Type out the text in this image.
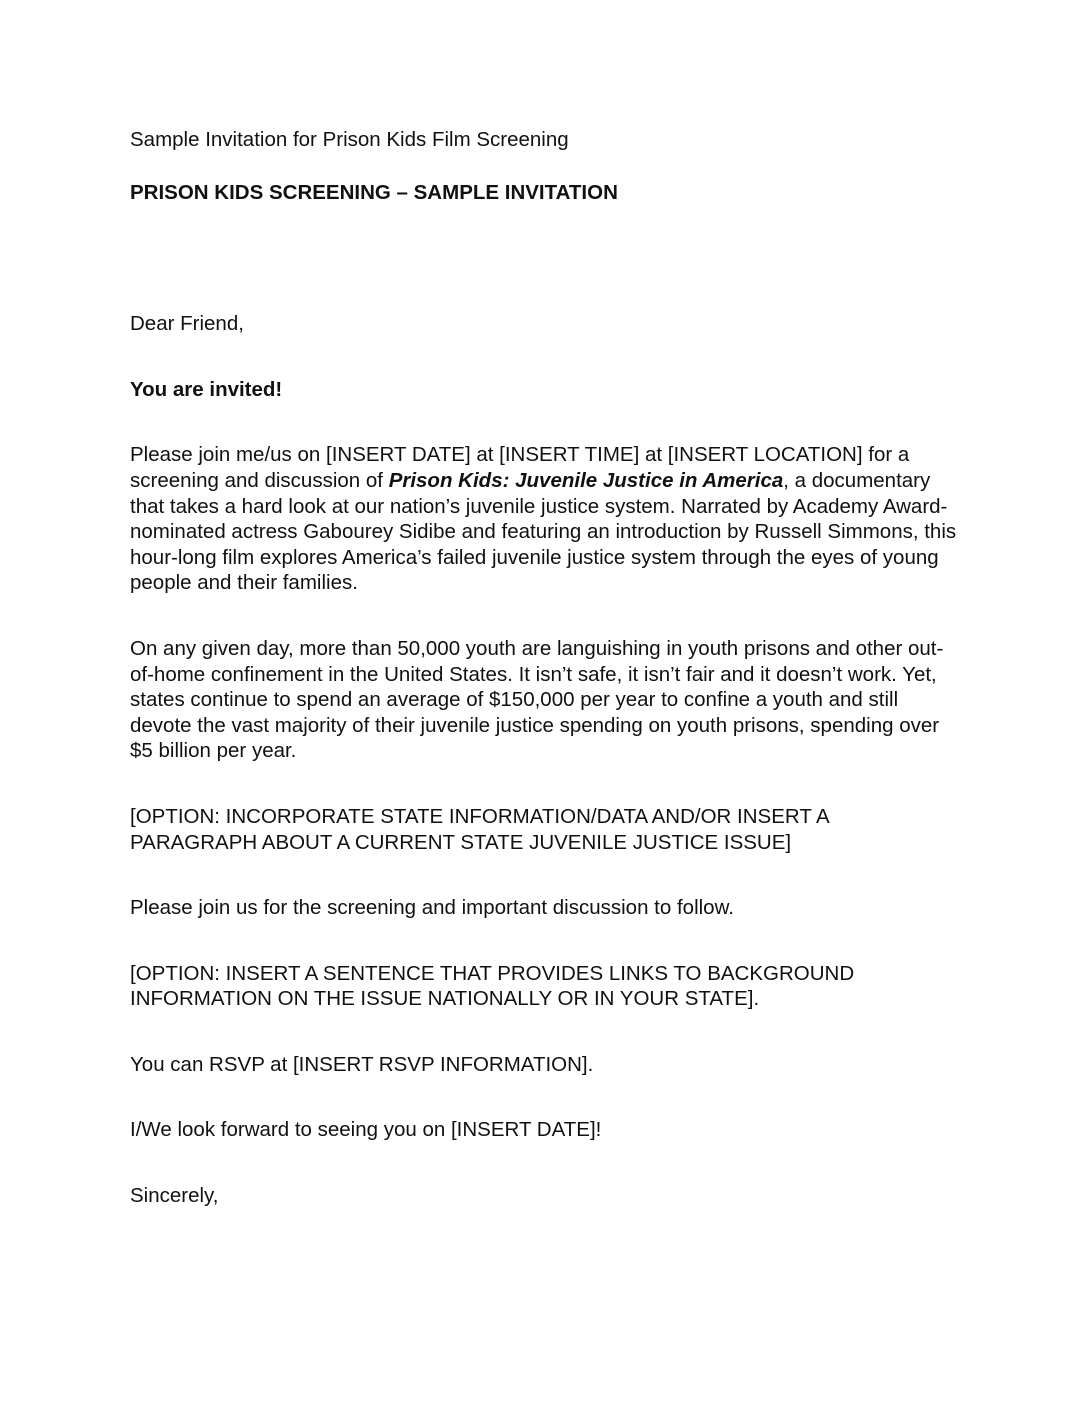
Sample Invitation for Prison Kids Film Screening

PRISON KIDS SCREENING – SAMPLE INVITATION

Dear Friend,

You are invited!

Please join me/us on [INSERT DATE] at [INSERT TIME] at [INSERT LOCATION] for a screening and discussion of Prison Kids: Juvenile Justice in America, a documentary that takes a hard look at our nation’s juvenile justice system. Narrated by Academy Award-nominated actress Gabourey Sidibe and featuring an introduction by Russell Simmons, this hour-long film explores America’s failed juvenile justice system through the eyes of young people and their families.

On any given day, more than 50,000 youth are languishing in youth prisons and other out-of-home confinement in the United States. It isn’t safe, it isn’t fair and it doesn’t work. Yet, states continue to spend an average of $150,000 per year to confine a youth and still devote the vast majority of their juvenile justice spending on youth prisons, spending over $5 billion per year.

[OPTION: INCORPORATE STATE INFORMATION/DATA AND/OR INSERT A PARAGRAPH ABOUT A CURRENT STATE JUVENILE JUSTICE ISSUE]

Please join us for the screening and important discussion to follow.

[OPTION: INSERT A SENTENCE THAT PROVIDES LINKS TO BACKGROUND INFORMATION ON THE ISSUE NATIONALLY OR IN YOUR STATE].

You can RSVP at [INSERT RSVP INFORMATION].

I/We look forward to seeing you on [INSERT DATE]!

Sincerely,
